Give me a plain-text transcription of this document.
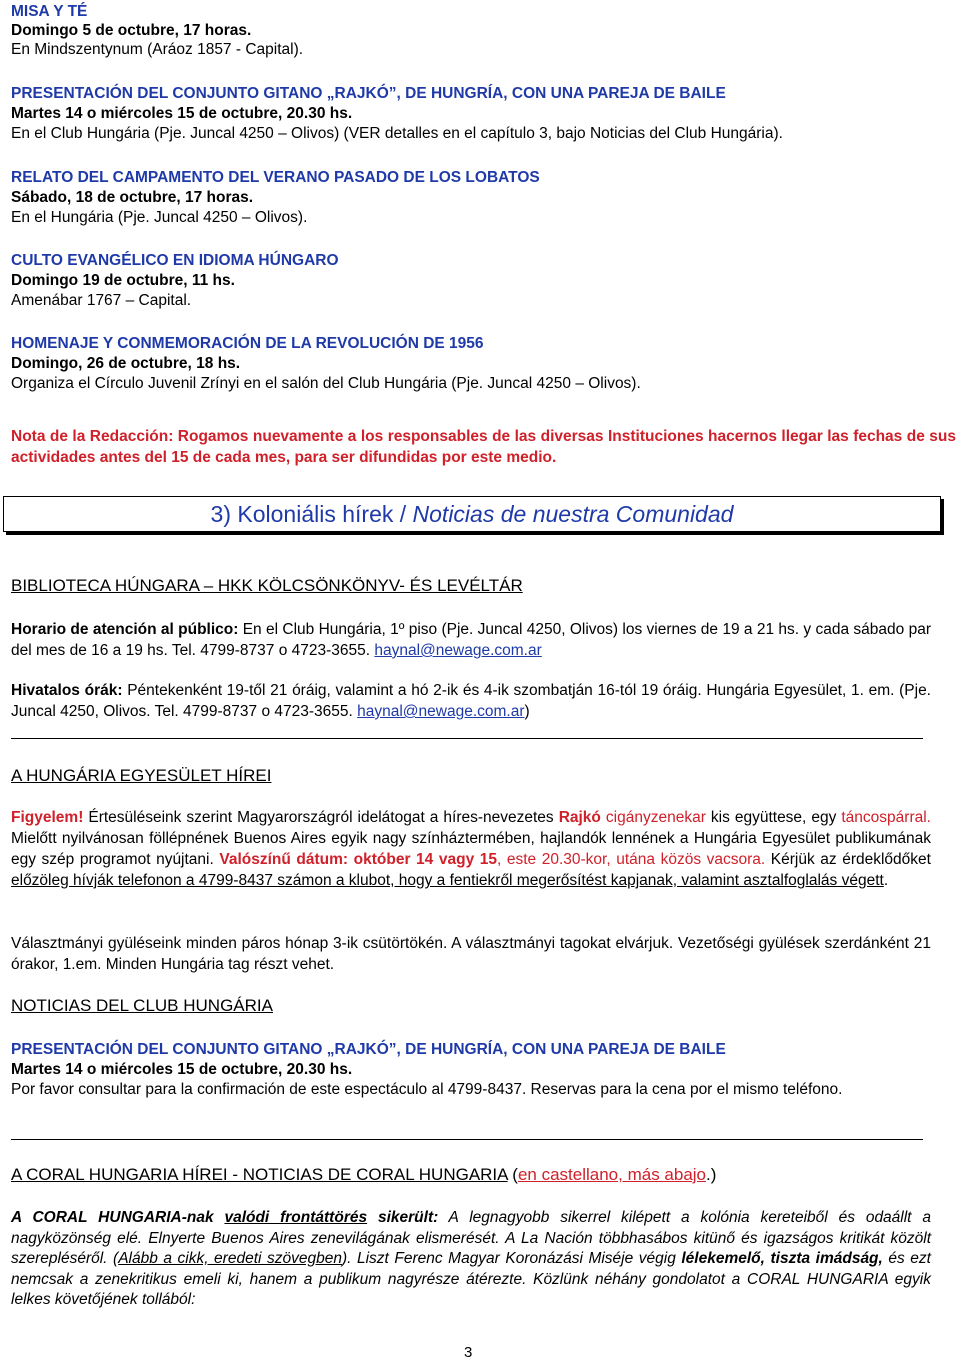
MISA Y TÉ
Domingo 5 de octubre, 17 horas.
En Mindszentynum (Aráoz 1857 - Capital).
PRESENTACIÓN DEL CONJUNTO GITANO „RAJKÓ”, DE HUNGRÍA, CON UNA PAREJA DE BAILE
Martes 14 o miércoles 15 de octubre, 20.30 hs.
En el Club Hungária (Pje. Juncal 4250 – Olivos) (VER detalles en el capítulo 3, bajo Noticias del Club Hungária).
RELATO DEL CAMPAMENTO DEL VERANO PASADO DE LOS LOBATOS
Sábado, 18 de octubre, 17 horas.
En el Hungária (Pje. Juncal 4250 – Olivos).
CULTO EVANGÉLICO EN IDIOMA HÚNGARO
Domingo 19 de octubre, 11 hs.
Amenábar 1767 – Capital.
HOMENAJE Y CONMEMORACIÓN DE LA REVOLUCIÓN DE 1956
Domingo, 26 de octubre, 18 hs.
Organiza el Círculo Juvenil Zrínyi en el salón del Club Hungária (Pje. Juncal 4250 – Olivos).
Nota de la Redacción: Rogamos nuevamente a los responsables de las diversas Instituciones hacernos llegar las fechas de sus actividades antes del 15 de cada mes, para ser difundidas por este medio.
3) Koloniális hírek / Noticias de nuestra Comunidad
BIBLIOTECA HÚNGARA – HKK KÖLCSÖNKÖNYV- ÉS LEVÉLTÁR
Horario de atención al público: En el Club Hungária, 1º piso (Pje. Juncal 4250, Olivos) los viernes de 19 a 21 hs. y cada sábado par del mes de 16 a 19 hs. Tel. 4799-8737 o 4723-3655. haynal@newage.com.ar
Hivatalos órák: Péntekenként 19-től 21 óráig, valamint a hó 2-ik és 4-ik szombatján 16-tól 19 óráig. Hungária Egyesület, 1. em. (Pje. Juncal 4250, Olivos. Tel. 4799-8737 o 4723-3655. haynal@newage.com.ar)
A HUNGÁRIA EGYESÜLET HÍREI
Figyelem! Értesüléseink szerint Magyarországról idelátogat a híres-nevezetes Rajkó cigányzenekar kis együttese, egy táncospárral. Mielőtt nyilvánosan föllépnének Buenos Aires egyik nagy színháztermében, hajlandók lennének a Hungária Egyesület publikumának egy szép programot nyújtani. Valószínű dátum: október 14 vagy 15, este 20.30-kor, utána közös vacsora. Kérjük az érdeklődőket előzöleg hívják telefonon a 4799-8437 számon a klubot, hogy a fentiekről megerősítést kapjanak, valamint asztalfoglalás végett.
Választmányi gyüléseink minden páros hónap 3-ik csütörtökén. A választmányi tagokat elvárjuk. Vezetőségi gyülések szerdánként 21 órakor, 1.em. Minden Hungária tag részt vehet.
NOTICIAS DEL CLUB HUNGÁRIA
PRESENTACIÓN DEL CONJUNTO GITANO „RAJKÓ”, DE HUNGRÍA, CON UNA PAREJA DE BAILE
Martes 14 o miércoles 15 de octubre, 20.30 hs.
Por favor consultar para la confirmación de este espectáculo al 4799-8437. Reservas para la cena por el mismo teléfono.
A CORAL HUNGARIA HÍREI - NOTICIAS DE CORAL HUNGARIA (en castellano, más abajo.)
A CORAL HUNGARIA-nak valódi frontáttörés sikerült: A legnagyobb sikerrel kilépett a kolónia kereteiből és odaállt a nagyközönség elé. Elnyerte Buenos Aires zenevilágának elismerését. A La Nación többhasábos kitünő és igazságos kritikát közölt szerepléséről. (Alább a cikk, eredeti szövegben). Liszt Ferenc Magyar Koronázási Miséje végig lélekemelő, tiszta imádság, és ezt nemcsak a zenekritikus emeli ki, hanem a publikum nagyrésze átérezte. Közlünk néhány gondolatot a CORAL HUNGARIA egyik lelkes követőjének tollából:
3
